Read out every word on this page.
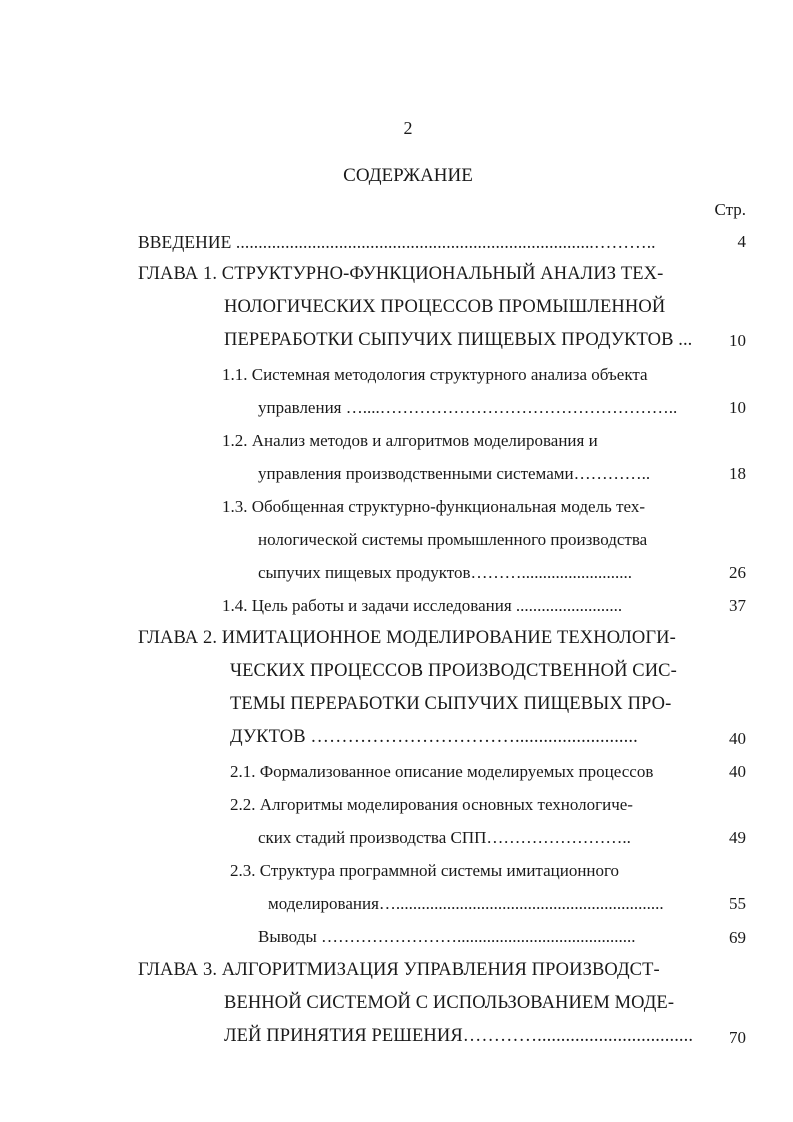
2
СОДЕРЖАНИЕ
Стр.
ВВЕДЕНИЕ ................................................................................………..	4
ГЛАВА 1. СТРУКТУРНО-ФУНКЦИОНАЛЬНЫЙ АНАЛИЗ ТЕХ-
НОЛОГИЧЕСКИХ ПРОЦЕССОВ ПРОМЫШЛЕННОЙ
ПЕРЕРАБОТКИ СЫПУЧИХ ПИЩЕВЫХ ПРОДУКТОВ ... 10
1.1. Системная методология структурного анализа объекта
управления …....……………………………………………..	10
1.2. Анализ методов и алгоритмов моделирования и
управления производственными системами…………..	18
1.3. Обобщенная структурно-функциональная модель тех-
нологической системы промышленного производства
сыпучих пищевых продуктов………..........................	26
1.4. Цель работы и задачи исследования .........................	37
ГЛАВА 2. ИМИТАЦИОННОЕ МОДЕЛИРОВАНИЕ ТЕХНОЛОГИ-
ЧЕСКИХ ПРОЦЕССОВ ПРОИЗВОДСТВЕННОЙ СИС-
ТЕМЫ ПЕРЕРАБОТКИ СЫПУЧИХ ПИЩЕВЫХ ПРО-
ДУКТОВ ……………………………..........................	40
2.1. Формализованное описание моделируемых процессов	40
2.2. Алгоритмы моделирования основных технологиче-
ских стадий производства СПП……………………..	49
2.3. Структура программной системы имитационного
моделирования…...............................................................	55
Выводы ……………………..........................................	69
ГЛАВА 3. АЛГОРИТМИЗАЦИЯ УПРАВЛЕНИЯ ПРОИЗВОДСТ-
ВЕННОЙ СИСТЕМОЙ С ИСПОЛЬЗОВАНИЕМ МОДЕ-
ЛЕЙ ПРИНЯТИЯ РЕШЕНИЯ…………................................. 70
